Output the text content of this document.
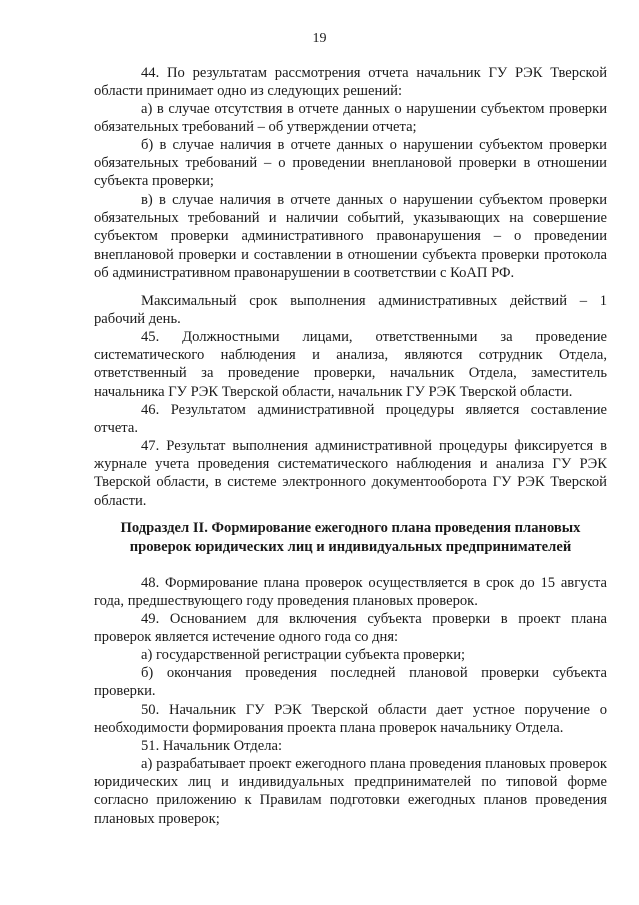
19

44. По результатам рассмотрения отчета начальник ГУ РЭК Тверской области принимает одно из следующих решений:

а) в случае отсутствия в отчете данных о нарушении субъектом проверки обязательных требований – об утверждении отчета;

б) в случае наличия в отчете данных о нарушении субъектом проверки обязательных требований – о проведении внеплановой проверки в отношении субъекта проверки;

в) в случае наличия в отчете данных о нарушении субъектом проверки обязательных требований и наличии событий, указывающих на совершение субъектом проверки административного правонарушения – о проведении внеплановой проверки и составлении в отношении субъекта проверки протокола об административном правонарушении в соответствии с КоАП РФ.

Максимальный срок выполнения административных действий – 1 рабочий день.

45. Должностными лицами, ответственными за проведение систематического наблюдения и анализа, являются сотрудник Отдела, ответственный за проведение проверки, начальник Отдела, заместитель начальника ГУ РЭК Тверской области, начальник ГУ РЭК Тверской области.

46. Результатом административной процедуры является составление отчета.

47. Результат выполнения административной процедуры фиксируется в журнале учета проведения систематического наблюдения и анализа ГУ РЭК Тверской области, в системе электронного документооборота ГУ РЭК Тверской области.

Подраздел II. Формирование ежегодного плана проведения плановых
проверок юридических лиц и индивидуальных предпринимателей

48. Формирование плана проверок осуществляется в срок до 15 августа года, предшествующего году проведения плановых проверок.

49. Основанием для включения субъекта проверки в проект плана проверок является истечение одного года со дня:

а) государственной регистрации субъекта проверки;

б) окончания проведения последней плановой проверки субъекта проверки.

50. Начальник ГУ РЭК Тверской области дает устное поручение о необходимости формирования проекта плана проверок начальнику Отдела.

51. Начальник Отдела:

а) разрабатывает проект ежегодного плана проведения плановых проверок юридических лиц и индивидуальных предпринимателей по типовой форме согласно приложению к Правилам подготовки ежегодных планов проведения плановых проверок;
